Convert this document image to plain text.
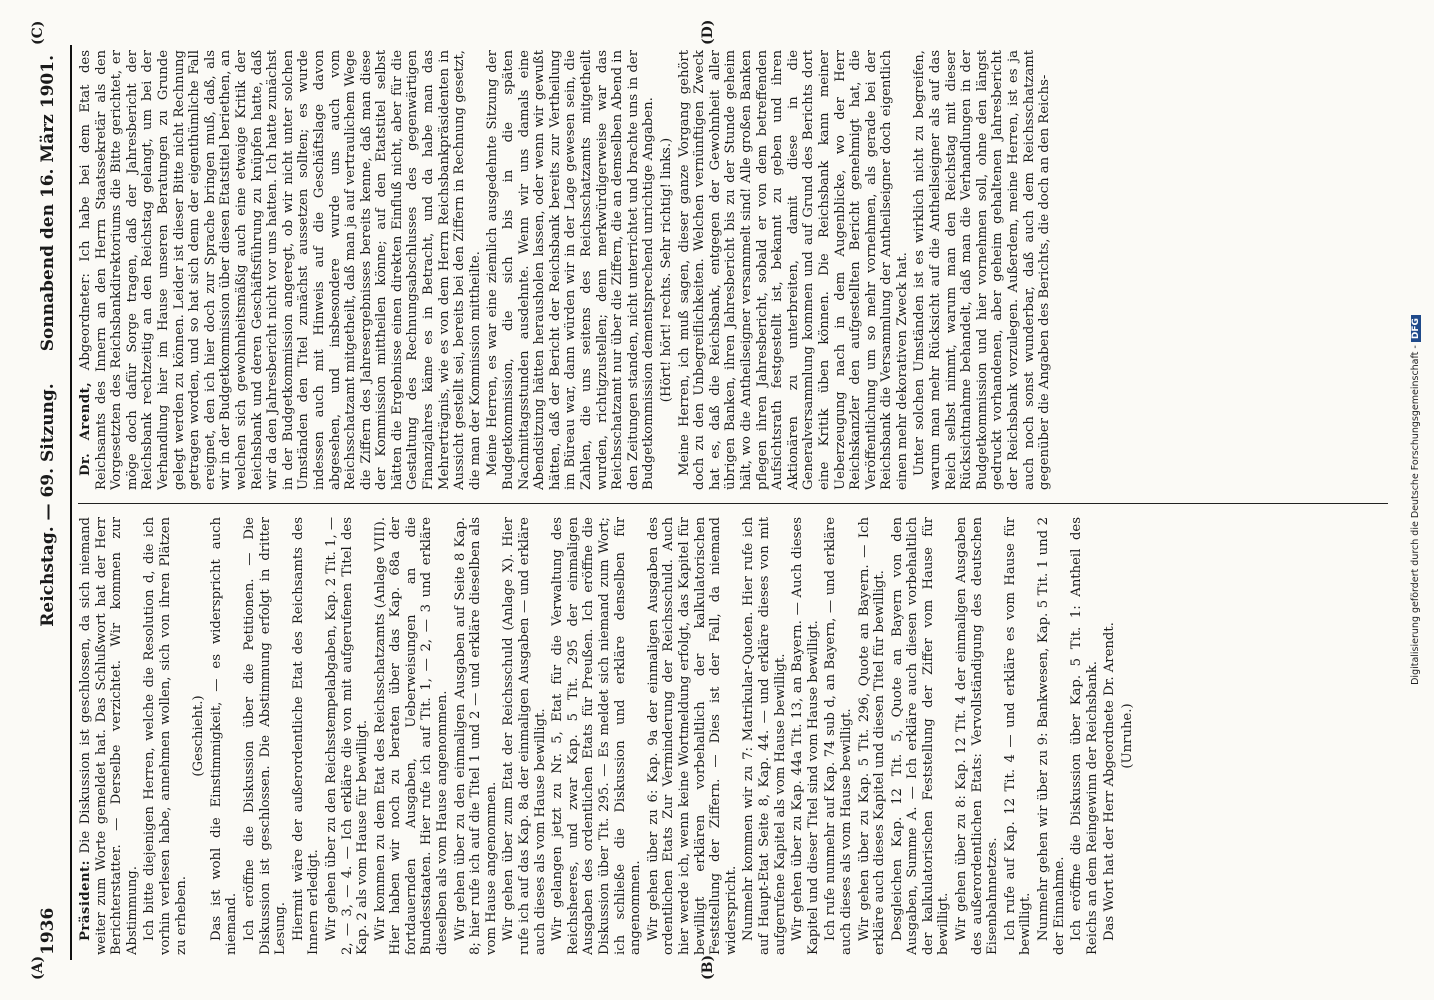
1936
Reichstag. — 69. Sitzung.
Sonnabend den 16. März 1901.
(A)	(B)
(C)	(D)

Präsident: Die Diskussion ist geschlossen, da sich niemand weiter zum Worte gemeldet hat. Das Schlußwort hat der Herr Berichterstatter. — Derselbe verzichtet. Wir kommen zur Abstimmung. Ich bitte diejenigen Herren, welche die Resolution d, die ich vorhin verlesen habe, annehmen wollen, sich von ihren Plätzen zu erheben.

(Geschieht.) Das ist wohl die Einstimmigkeit, — es widerspricht auch niemand. Ich eröffne die Diskussion über die Petitionen. — Die Diskussion ist geschlossen. Die Abstimmung erfolgt in dritter Lesung. Hiermit wäre der außerordentliche Etat des Reichsamts des Innern erledigt. Wir gehen über zu den Reichsstempelabgaben, Kap. 2 Tit. 1, — 2, — 3, — 4. — Ich erkläre die von mit aufgerufenen Titel des Kap. 2 als vom Hause für bewilligt. Wir kommen zu dem Etat des Reichsschatzamts (Anlage VIII). Hier haben wir noch zu beraten über das Kap. 68a der fortdauernden Ausgaben, Ueberweisungen an die Bundesstaaten. Hier rufe ich auf Tit. 1, — 2, — 3 und erkläre dieselben als vom Hause angenommen. Wir gehen über zu den einmaligen Ausgaben auf Seite 8 Kap. 8; hier rufe ich auf die Titel 1 und 2 — und erkläre dieselben als vom Hause angenommen. Wir gehen über zum Etat der Reichsschuld (Anlage X). Hier rufe ich auf das Kap. 8a der einmaligen Ausgaben — und erkläre auch dieses als vom Hause bewilligt. Wir gelangen jetzt zu Nr. 5, Etat für die Verwaltung des Reichsheeres, und zwar Kap. 5 Tit. 295 der einmaligen Ausgaben des ordentlichen Etats für Preußen. Ich eröffne die Diskussion über Tit. 295. — Es meldet sich niemand zum Wort; ich schließe die Diskussion und erkläre denselben für angenommen. Wir gehen über zu 6: Kap. 9a der einmaligen Ausgaben des ordentlichen Etats Zur Verminderung der Reichsschuld. Auch hier werde ich, wenn keine Wortmeldung erfolgt, das Kapitel für bewilligt erklären vorbehaltlich der kalkulatorischen Feststellung der Ziffern. — Dies ist der Fall, da niemand widerspricht. Nunmehr kommen wir zu 7: Matrikular-Quoten. Hier rufe ich auf Haupt-Etat Seite 8, Kap. 44. — und erkläre dieses von mit aufgerufene Kapitel als vom Hause bewilligt. Wir gehen über zu Kap. 44a Tit. 13, an Bayern. — Auch dieses Kapitel und dieser Titel sind vom Hause bewilligt. Ich rufe nunmehr auf Kap. 74 sub d, an Bayern, — und erkläre auch dieses als vom Hause bewilligt. Wir gehen über zu Kap. 5 Tit. 296, Quote an Bayern. — Ich erkläre auch dieses Kapitel und diesen Titel für bewilligt. Desgleichen Kap. 12 Tit. 5, Quote an Bayern von den Ausgaben, Summe A. — Ich erkläre auch diesen vorbehaltlich der kalkulatorischen Feststellung der Ziffer vom Hause für bewilligt. Wir gehen über zu 8: Kap. 12 Tit. 4 der einmaligen Ausgaben des außerordentlichen Etats: Vervollständigung des deutschen Eisenbahnnetzes. Ich rufe auf Kap. 12 Tit. 4 — und erkläre es vom Hause für bewilligt. Nunmehr gehen wir über zu 9: Bankwesen, Kap. 5 Tit. 1 und 2 der Einnahme. Ich eröffne die Diskussion über Kap. 5 Tit. 1: Antheil des Reichs an dem Reingewinn der Reichsbank. Das Wort hat der Herr Abgeordnete Dr. Arendt. (Unruhe.)

Dr. Arendt, Abgeordneter: Ich habe bei dem Etat des Reichsamts des Innern an den Herrn Staatssekretär als den Vorgesetzten des Reichsbankdirektoriums die Bitte gerichtet, er möge doch dafür Sorge tragen, daß der Jahresbericht der Reichsbank rechtzeitig an den Reichstag gelangt, um bei der Verhandlung hier im Hause unseren Beratungen zu Grunde gelegt werden zu können. Leider ist dieser Bitte nicht Rechnung getragen worden, und so hat sich denn der eigenthümliche Fall ereignet, den ich hier doch zur Sprache bringen muß, daß, als wir in der Budgetkommission über diesen Etatstitel beriethen, an welchen sich gewohnheitsmäßig auch eine etwaige Kritik der Reichsbank und deren Geschäftsführung zu knüpfen hatte, daß wir da den Jahresbericht nicht vor uns hatten. Ich hatte zunächst in der Budgetkommission angeregt, ob wir nicht unter solchen Umständen den Titel zunächst aussetzen sollten; es wurde indessen auch mit Hinweis auf die Geschäftslage davon abgesehen, und insbesondere wurde uns auch vom Reichsschatzamt mitgetheilt, daß man ja auf vertraulichem Wege die Ziffern des Jahresergebnisses bereits kenne, daß man diese der Kommission mittheilen könne; auf den Etatstitel selbst hätten die Ergebnisse einen direkten Einfluß nicht, aber für die Gestaltung des Rechnungsabschlusses des gegenwärtigen Finanzjahres käme es in Betracht, und da habe man das Mehrerträgnis, wie es von dem Herrn Reichsbankpräsidenten in Aussicht gestellt sei, bereits bei den Ziffern in Rechnung gesetzt, die man der Kommission mittheilte. Meine Herren, es war eine ziemlich ausgedehnte Sitzung der Budgetkommission, die sich bis in die späten Nachmittagsstunden ausdehnte. Wenn wir uns damals eine Abendsitzung hätten herausholen lassen, oder wenn wir gewußt hätten, daß der Bericht der Reichsbank bereits zur Vertheilung im Büreau war, dann würden wir in der Lage gewesen sein, die Zahlen, die uns seitens des Reichsschatzamts mitgetheilt wurden, richtigzustellen; denn merkwürdigerweise war das Reichsschatzamt nur über die Ziffern, die an demselben Abend in den Zeitungen standen, nicht unterrichtet und brachte uns in der Budgetkommission dementsprechend unrichtige Angaben. (Hört! hört! rechts. Sehr richtig! links.) Meine Herren, ich muß sagen, dieser ganze Vorgang gehört doch zu den Unbegreiflichkeiten. Welchen vernünftigen Zweck hat es, daß die Reichsbank, entgegen der Gewohnheit aller übrigen Banken, ihren Jahresbericht bis zu der Stunde geheim hält, wo die Antheilseigner versammelt sind! Alle großen Banken pflegen ihren Jahresbericht, sobald er von dem betreffenden Aufsichtsrath festgestellt ist, bekannt zu geben und ihren Aktionären zu unterbreiten, damit diese in die Generalversammlung kommen und auf Grund des Berichts dort eine Kritik üben können. Die Reichsbank kann meiner Ueberzeugung nach in dem Augenblicke, wo der Herr Reichskanzler den aufgestellten Bericht genehmigt hat, die Veröffentlichung um so mehr vornehmen, als gerade bei der Reichsbank die Versammlung der Antheilseigner doch eigentlich einen mehr dekorativen Zweck hat. Unter solchen Umständen ist es wirklich nicht zu begreifen, warum man mehr Rücksicht auf die Antheilseigner als auf das Reich selbst nimmt, warum man den Reichstag mit dieser Rücksichtnahme behandelt, daß man die Verhandlungen in der Budgetkommission und hier vornehmen soll, ohne den längst gedruckt vorhandenen, aber geheim gehaltenen Jahresbericht der Reichsbank vorzulegen. Außerdem, meine Herren, ist es ja auch noch sonst wunderbar, daß auch dem Reichsschatzamt gegenüber die Angaben des Berichts, die doch an den Reichs-

Digitalisierung gefördert durch die Deutsche Forschungsgemeinschaft -DFG
